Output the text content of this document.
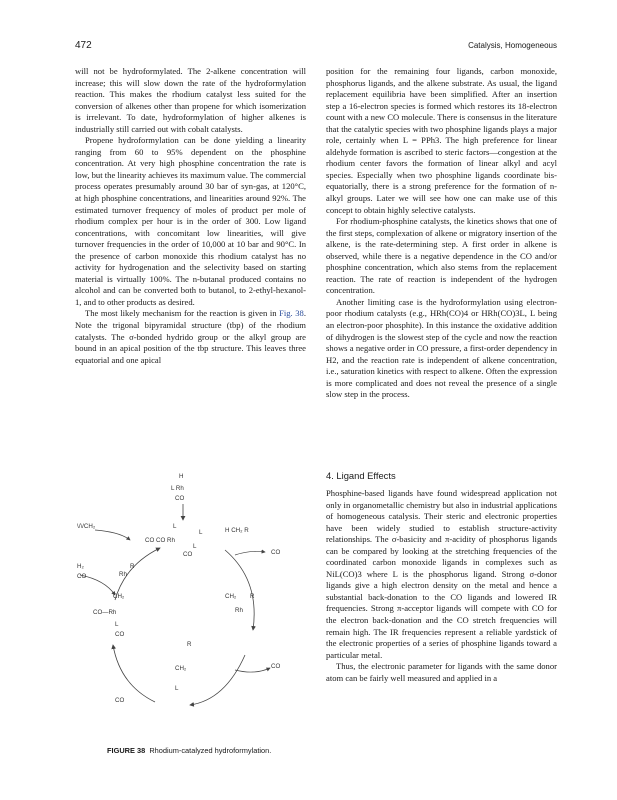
472	Catalysis, Homogeneous

will not be hydroformylated. The 2-alkene concentration will increase; this will slow down the rate of the hydroformylation reaction. This makes the rhodium catalyst less suited for the conversion of alkenes other than propene for which isomerization is irrelevant. To date, hydroformylation of higher alkenes is industrially still carried out with cobalt catalysts.

Propene hydroformylation can be done yielding a linearity ranging from 60 to 95% dependent on the phosphine concentration. At very high phosphine concentration the rate is low, but the linearity achieves its maximum value. The commercial process operates presumably around 30 bar of syn-gas, at 120°C, at high phosphine concentrations, and linearities around 92%. The estimated turnover frequency of moles of product per mole of rhodium complex per hour is in the order of 300. Low ligand concentrations, with concomitant low linearities, will give turnover frequencies in the order of 10,000 at 10 bar and 90°C. In the presence of carbon monoxide this rhodium catalyst has no activity for hydrogenation and the selectivity based on starting material is virtually 100%. The n-butanal produced contains no alcohol and can be converted both to butanol, to 2-ethyl-hexanol-1, and to other products as desired.

The most likely mechanism for the reaction is given in Fig. 38. Note the trigonal bipyramidal structure (tbp) of the rhodium catalysts. The σ-bonded hydrido group or the alkyl group are bound in an apical position of the tbp structure. This leaves three equatorial and one apical

position for the remaining four ligands, carbon monoxide, phosphorus ligands, and the alkene substrate. As usual, the ligand replacement equilibria have been simplified. After an insertion step a 16-electron species is formed which restores its 18-electron count with a new CO molecule. There is consensus in the literature that the catalytic species with two phosphine ligands plays a major role, certainly when L = PPh3. The high preference for linear aldehyde formation is ascribed to steric factors—congestion at the rhodium center favors the formation of linear alkyl and acyl species. Especially when two phosphine ligands coordinate bis-equatorially, there is a strong preference for the formation of n-alkyl groups. Later we will see how one can make use of this concept to obtain highly selective catalysts.

For rhodium-phosphine catalysts, the kinetics shows that one of the first steps, complexation of alkene or migratory insertion of the alkene, is the rate-determining step. A first order in alkene is observed, while there is a negative dependence in the CO and/or phosphine concentration, which also stems from the replacement reaction. The rate of reaction is independent of the hydrogen concentration.

Another limiting case is the hydroformylation using electron-poor rhodium catalysts (e.g., HRh(CO)4 or HRh(CO)3L, L being an electron-poor phosphite). In this instance the oxidative addition of dihydrogen is the slowest step of the cycle and now the reaction shows a negative order in CO pressure, a first-order dependency in H2, and the reaction rate is independent of alkene concentration, i.e., saturation kinetics with respect to alkene. Often the expression is more complicated and does not reveal the presence of a single slow step in the process.

4. Ligand Effects

Phosphine-based ligands have found widespread application not only in organometallic chemistry but also in industrial applications of homogeneous catalysis. Their steric and electronic properties have been widely studied to establish structure-activity relationships. The σ-basicity and π-acidity of phosphorus ligands can be compared by looking at the stretching frequencies of the coordinated carbon monoxide ligands in complexes such as NiL(CO)3 where L is the phosphorus ligand. Strong σ-donor ligands give a high electron density on the metal and hence a substantial back-donation to the CO ligands and lowered IR frequencies. Strong π-acceptor ligands will compete with CO for the electron back-donation and the CO stretch frequencies will remain high. The IR frequencies represent a reliable yardstick of the electronic properties of a series of phosphine ligands toward a particular metal.

Thus, the electronic parameter for ligands with the same donor atom can be fairly well measured and applied in a

H
L Rh
CO
L
CO CO Rh
L
CO
L
\/\/CH₂
H CH₂ R
CO
H₂
CO	Rh
R
CH₂	CH₂ R
Rh
CO—Rh
L
CO
R
CH₂
L
CO
CO
FIGURE 38 Rhodium-catalyzed hydroformylation.
